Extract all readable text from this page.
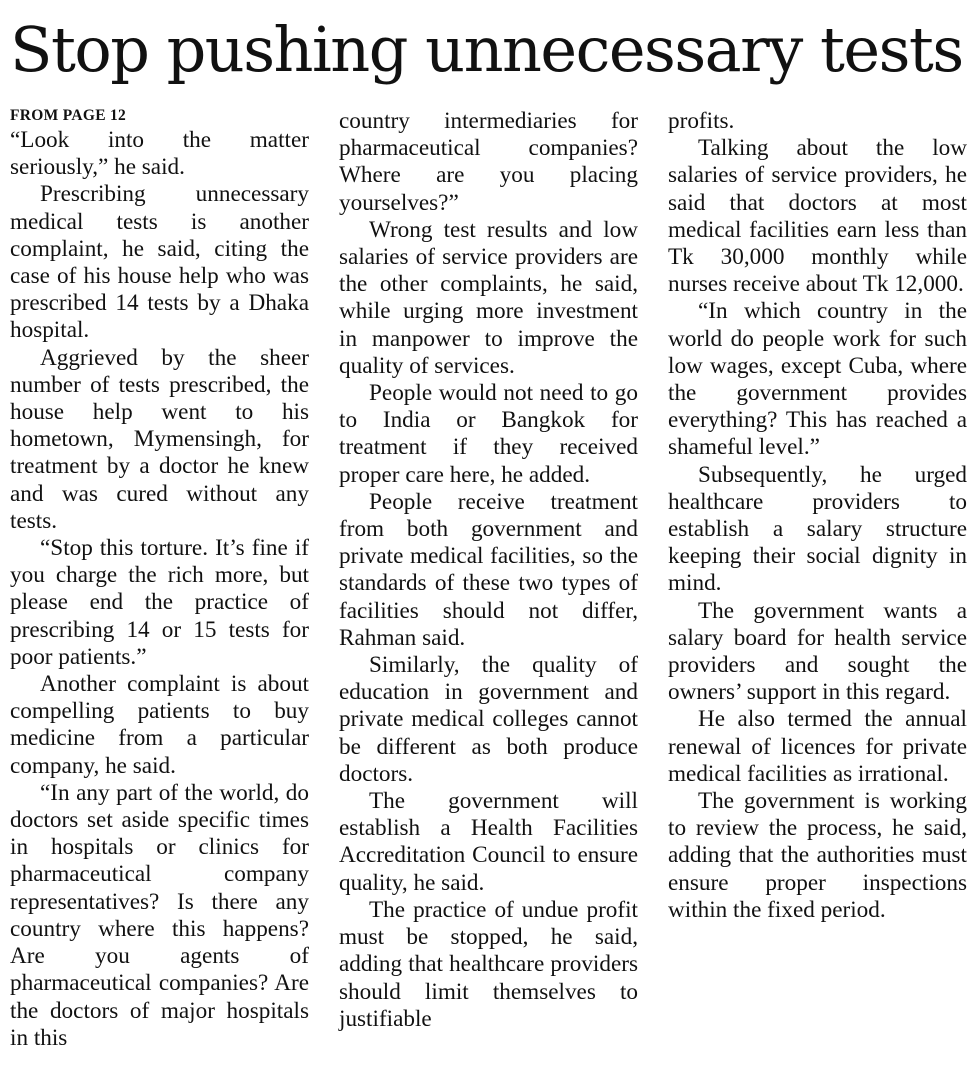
Stop pushing unnecessary tests
FROM PAGE 12

“Look into the matter seriously,” he said.

Prescribing unnecessary medical tests is another complaint, he said, citing the case of his house help who was prescribed 14 tests by a Dhaka hospital.

Aggrieved by the sheer number of tests prescribed, the house help went to his hometown, Mymensingh, for treatment by a doctor he knew and was cured without any tests.

“Stop this torture. It’s fine if you charge the rich more, but please end the practice of prescribing 14 or 15 tests for poor patients.”

Another complaint is about compelling patients to buy medicine from a particular company, he said.

“In any part of the world, do doctors set aside specific times in hospitals or clinics for pharmaceutical company representatives? Is there any country where this happens? Are you agents of pharmaceutical companies? Are the doctors of major hospitals in this

country intermediaries for pharmaceutical companies? Where are you placing yourselves?”

Wrong test results and low salaries of service providers are the other complaints, he said, while urging more investment in manpower to improve the quality of services.

People would not need to go to India or Bangkok for treatment if they received proper care here, he added.

People receive treatment from both government and private medical facilities, so the standards of these two types of facilities should not differ, Rahman said.

Similarly, the quality of education in government and private medical colleges cannot be different as both produce doctors.

The government will establish a Health Facilities Accreditation Council to ensure quality, he said.

The practice of undue profit must be stopped, he said, adding that healthcare providers should limit themselves to justifiable

profits.

Talking about the low salaries of service providers, he said that doctors at most medical facilities earn less than Tk 30,000 monthly while nurses receive about Tk 12,000.

“In which country in the world do people work for such low wages, except Cuba, where the government provides everything? This has reached a shameful level.”

Subsequently, he urged healthcare providers to establish a salary structure keeping their social dignity in mind.

The government wants a salary board for health service providers and sought the owners’ support in this regard.

He also termed the annual renewal of licences for private medical facilities as irrational.

The government is working to review the process, he said, adding that the authorities must ensure proper inspections within the fixed period.
